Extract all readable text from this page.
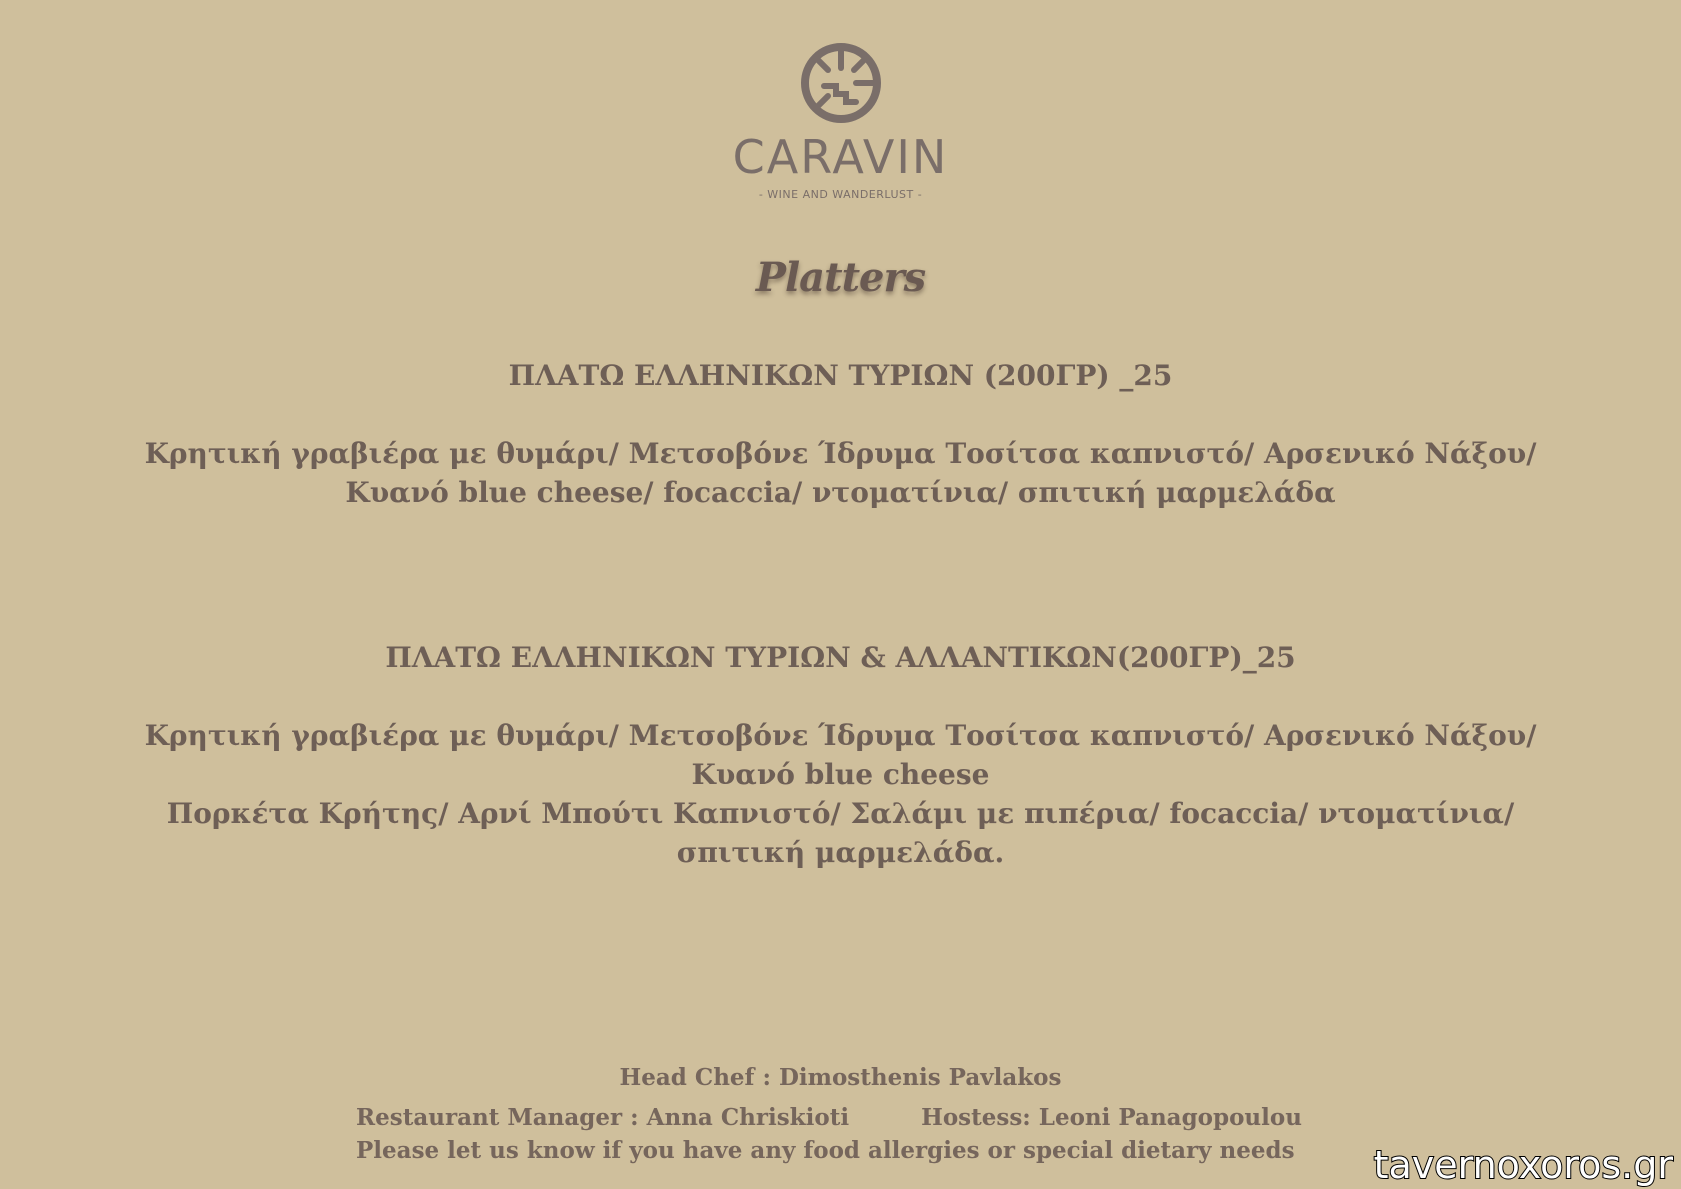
CARAVIN
- WINE AND WANDERLUST -
Platters
ΠΛΑΤΩ ΕΛΛΗΝΙΚΩΝ ΤΥΡΙΩΝ (200ΓΡ) _25
Κρητική γραβιέρα με θυμάρι/ Μετσοβόνε Ίδρυμα Τοσίτσα καπνιστό/ Αρσενικό Νάξου/
Κυανό blue cheese/ focaccia/ ντοματίνια/ σπιτική μαρμελάδα
ΠΛΑΤΩ ΕΛΛΗΝΙΚΩΝ ΤΥΡΙΩΝ & ΑΛΛΑΝΤΙΚΩΝ(200ΓΡ)_25
Κρητική γραβιέρα με θυμάρι/ Μετσοβόνε Ίδρυμα Τοσίτσα καπνιστό/ Αρσενικό Νάξου/
Κυανό blue cheese
Πορκέτα Κρήτης/ Αρνί Μπούτι Καπνιστό/ Σαλάμι με πιπέρια/ focaccia/ ντοματίνια/
σπιτική μαρμελάδα.
Head Chef : Dimosthenis Pavlakos
Restaurant Manager : Anna Chriskioti	Hostess: Leoni Panagopoulou
Please let us know if you have any food allergies or special dietary needs tavernoxoros.gr
